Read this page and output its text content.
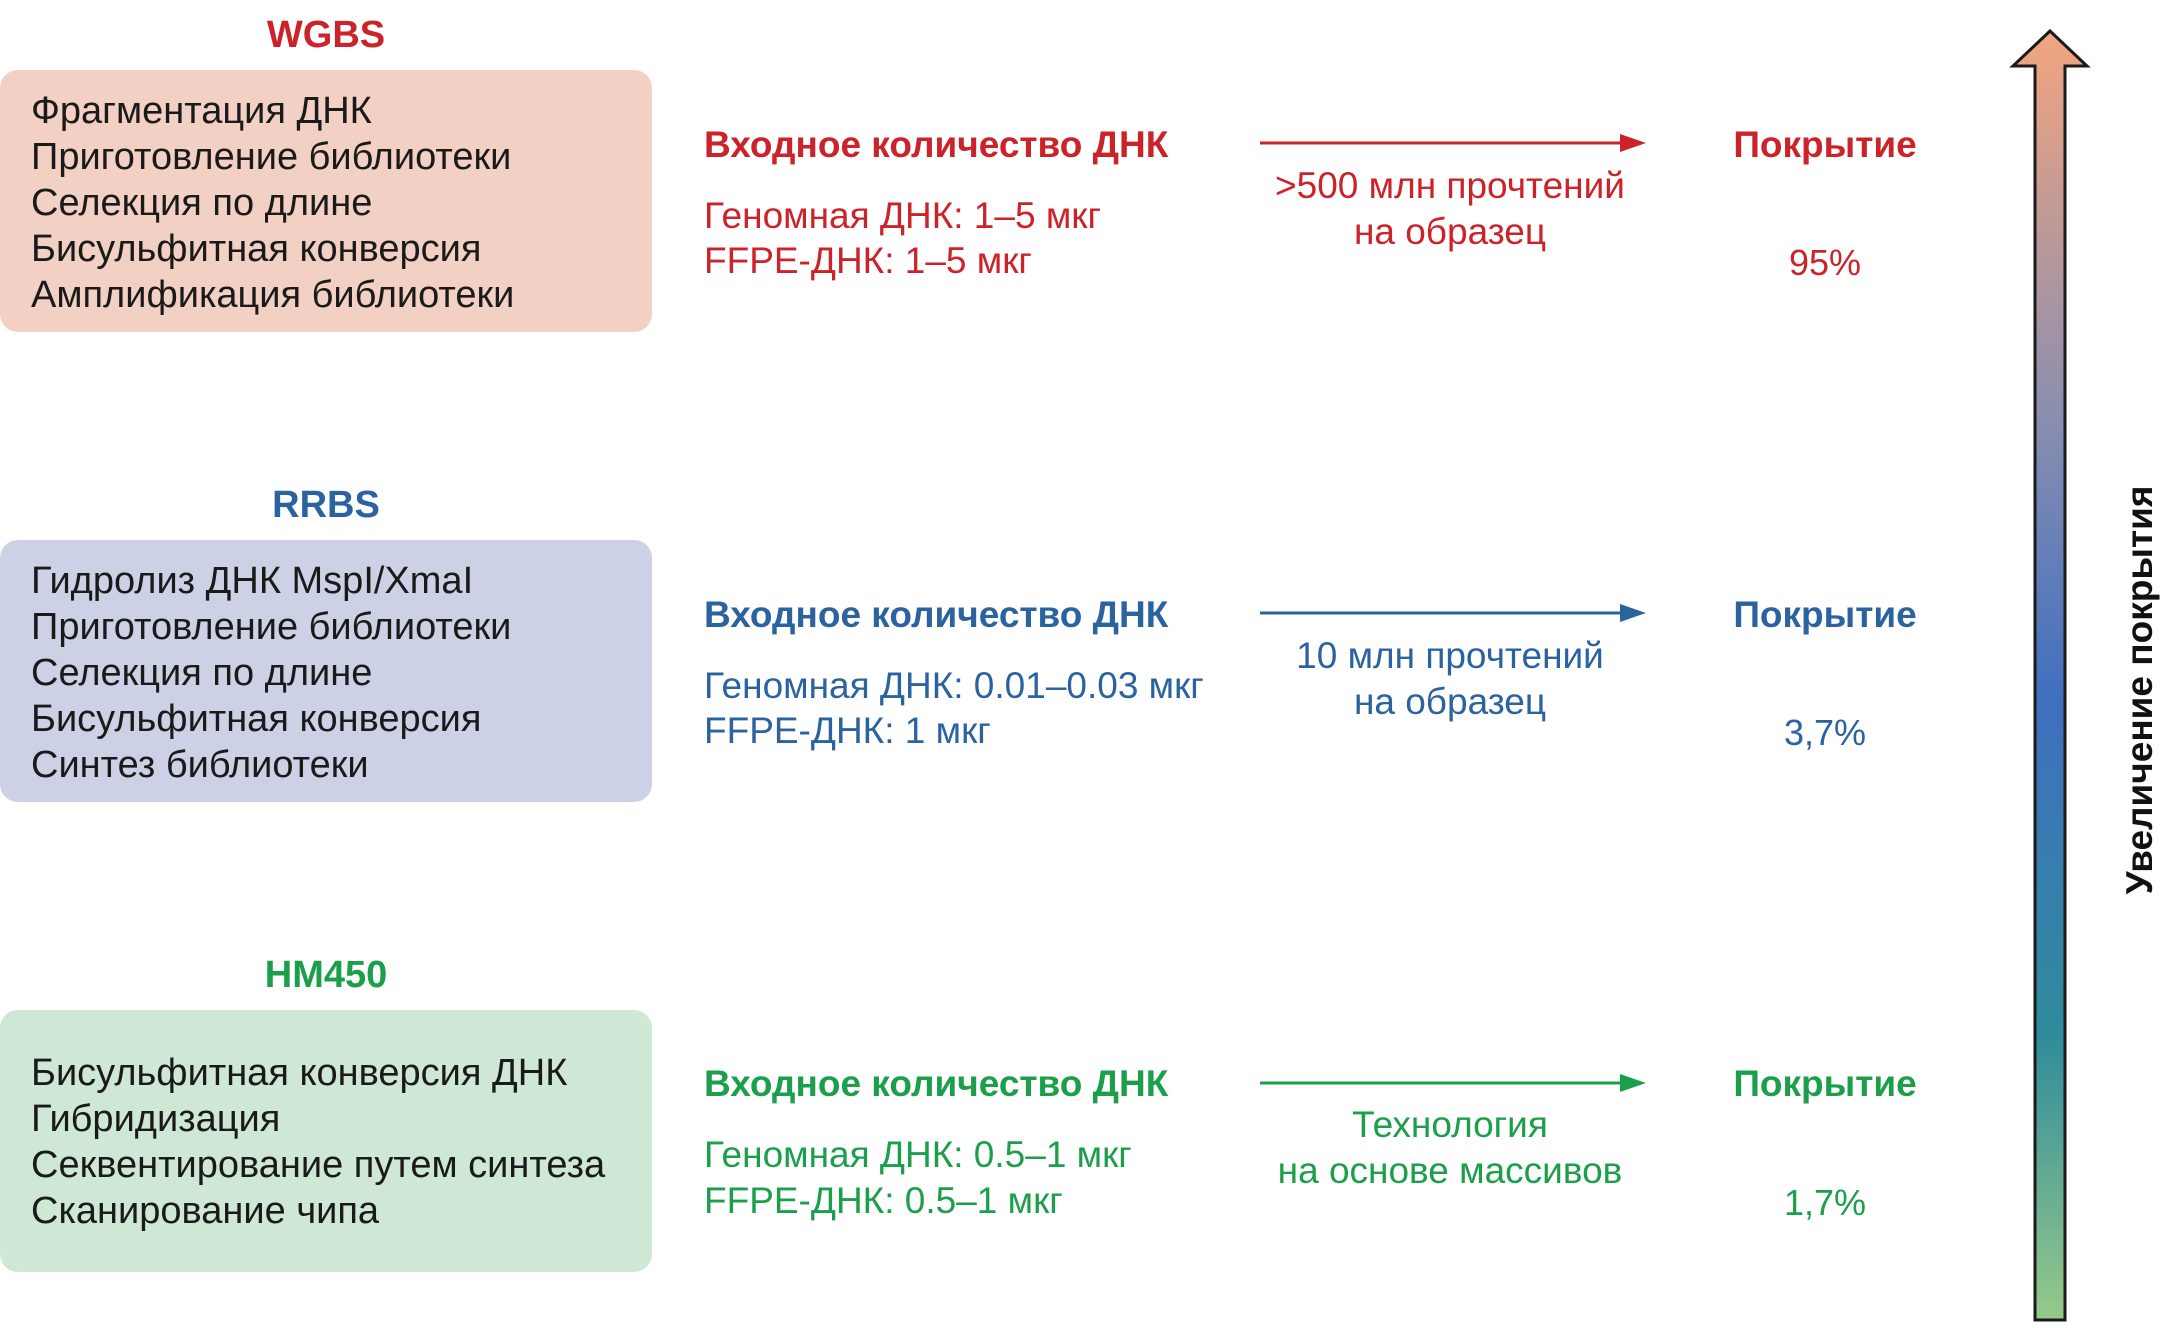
WGBS
Фрагментация ДНК
Приготовление библиотеки
Селекция по длине
Бисульфитная конверсия
Амплификация библиотеки
Входное количество ДНК
Геномная ДНК: 1–5 мкг
FFPE-ДНК: 1–5 мкг
>500 млн прочтений
на образец
Покрытие
95%
RRBS
Гидролиз ДНК MspI/XmaI
Приготовление библиотеки
Селекция по длине
Бисульфитная конверсия
Синтез библиотеки
Входное количество ДНК
Геномная ДНК: 0.01–0.03 мкг
FFPE-ДНК: 1 мкг
10 млн прочтений
на образец
Покрытие
3,7%
HM450
Бисульфитная конверсия ДНК
Гибридизация
Секвентирование путем синтеза
Сканирование чипа
Входное количество ДНК
Геномная ДНК: 0.5–1 мкг
FFPE-ДНК: 0.5–1 мкг
Технология
на основе массивов
Покрытие
1,7%
Увеличение покрытия
